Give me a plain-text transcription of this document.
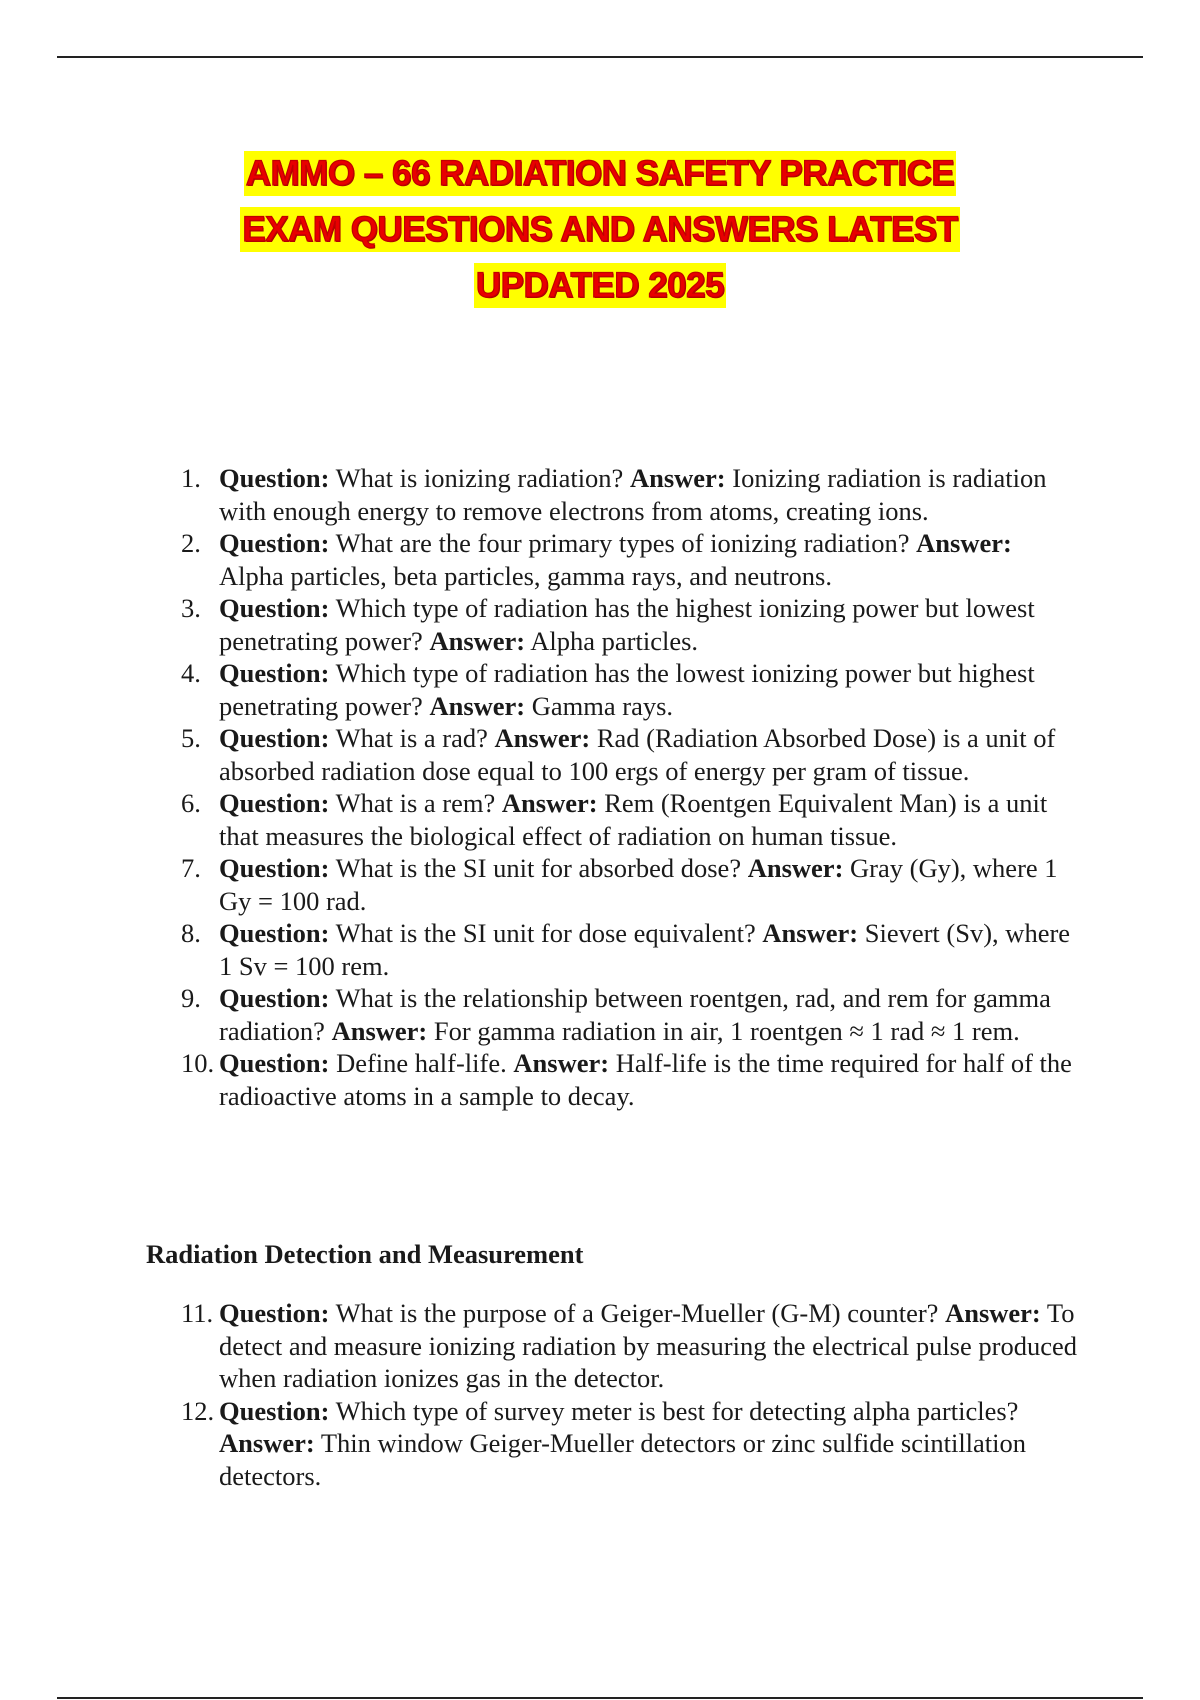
AMMO – 66 RADIATION SAFETY PRACTICE
EXAM QUESTIONS AND ANSWERS LATEST
UPDATED 2025
1. Question: What is ionizing radiation? Answer: Ionizing radiation is radiation with enough energy to remove electrons from atoms, creating ions.
2. Question: What are the four primary types of ionizing radiation? Answer: Alpha particles, beta particles, gamma rays, and neutrons.
3. Question: Which type of radiation has the highest ionizing power but lowest penetrating power? Answer: Alpha particles.
4. Question: Which type of radiation has the lowest ionizing power but highest penetrating power? Answer: Gamma rays.
5. Question: What is a rad? Answer: Rad (Radiation Absorbed Dose) is a unit of absorbed radiation dose equal to 100 ergs of energy per gram of tissue.
6. Question: What is a rem? Answer: Rem (Roentgen Equivalent Man) is a unit that measures the biological effect of radiation on human tissue.
7. Question: What is the SI unit for absorbed dose? Answer: Gray (Gy), where 1 Gy = 100 rad.
8. Question: What is the SI unit for dose equivalent? Answer: Sievert (Sv), where 1 Sv = 100 rem.
9. Question: What is the relationship between roentgen, rad, and rem for gamma radiation? Answer: For gamma radiation in air, 1 roentgen ≈ 1 rad ≈ 1 rem.
10. Question: Define half-life. Answer: Half-life is the time required for half of the radioactive atoms in a sample to decay.
Radiation Detection and Measurement
11. Question: What is the purpose of a Geiger-Mueller (G-M) counter? Answer: To detect and measure ionizing radiation by measuring the electrical pulse produced when radiation ionizes gas in the detector.
12. Question: Which type of survey meter is best for detecting alpha particles? Answer: Thin window Geiger-Mueller detectors or zinc sulfide scintillation detectors.
